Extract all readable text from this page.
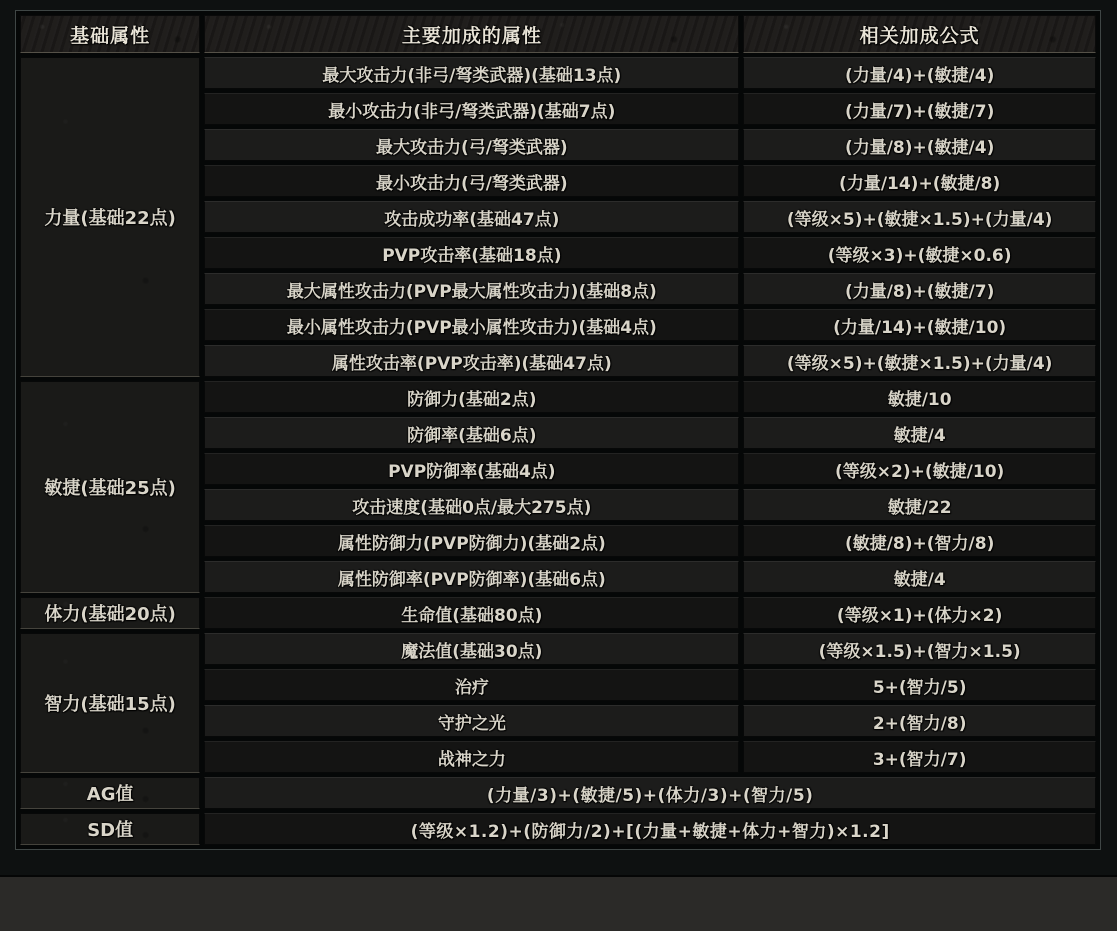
基础属性	主要加成的属性	相关加成公式
力量(基础22点)	最大攻击力(非弓/弩类武器)(基础13点)	(力量/4)+(敏捷/4)
	最小攻击力(非弓/弩类武器)(基础7点)	(力量/7)+(敏捷/7)
	最大攻击力(弓/弩类武器)	(力量/8)+(敏捷/4)
	最小攻击力(弓/弩类武器)	(力量/14)+(敏捷/8)
	攻击成功率(基础47点)	(等级×5)+(敏捷×1.5)+(力量/4)
	PVP攻击率(基础18点)	(等级×3)+(敏捷×0.6)
	最大属性攻击力(PVP最大属性攻击力)(基础8点)	(力量/8)+(敏捷/7)
	最小属性攻击力(PVP最小属性攻击力)(基础4点)	(力量/14)+(敏捷/10)
	属性攻击率(PVP攻击率)(基础47点)	(等级×5)+(敏捷×1.5)+(力量/4)
敏捷(基础25点)	防御力(基础2点)	敏捷/10
	防御率(基础6点)	敏捷/4
	PVP防御率(基础4点)	(等级×2)+(敏捷/10)
	攻击速度(基础0点/最大275点)	敏捷/22
	属性防御力(PVP防御力)(基础2点)	(敏捷/8)+(智力/8)
	属性防御率(PVP防御率)(基础6点)	敏捷/4
体力(基础20点)	生命值(基础80点)	(等级×1)+(体力×2)
智力(基础15点)	魔法值(基础30点)	(等级×1.5)+(智力×1.5)
	治疗	5+(智力/5)
	守护之光	2+(智力/8)
	战神之力	3+(智力/7)
AG值	(力量/3)+(敏捷/5)+(体力/3)+(智力/5)	
SD值	(等级×1.2)+(防御力/2)+[(力量+敏捷+体力+智力)×1.2]	
